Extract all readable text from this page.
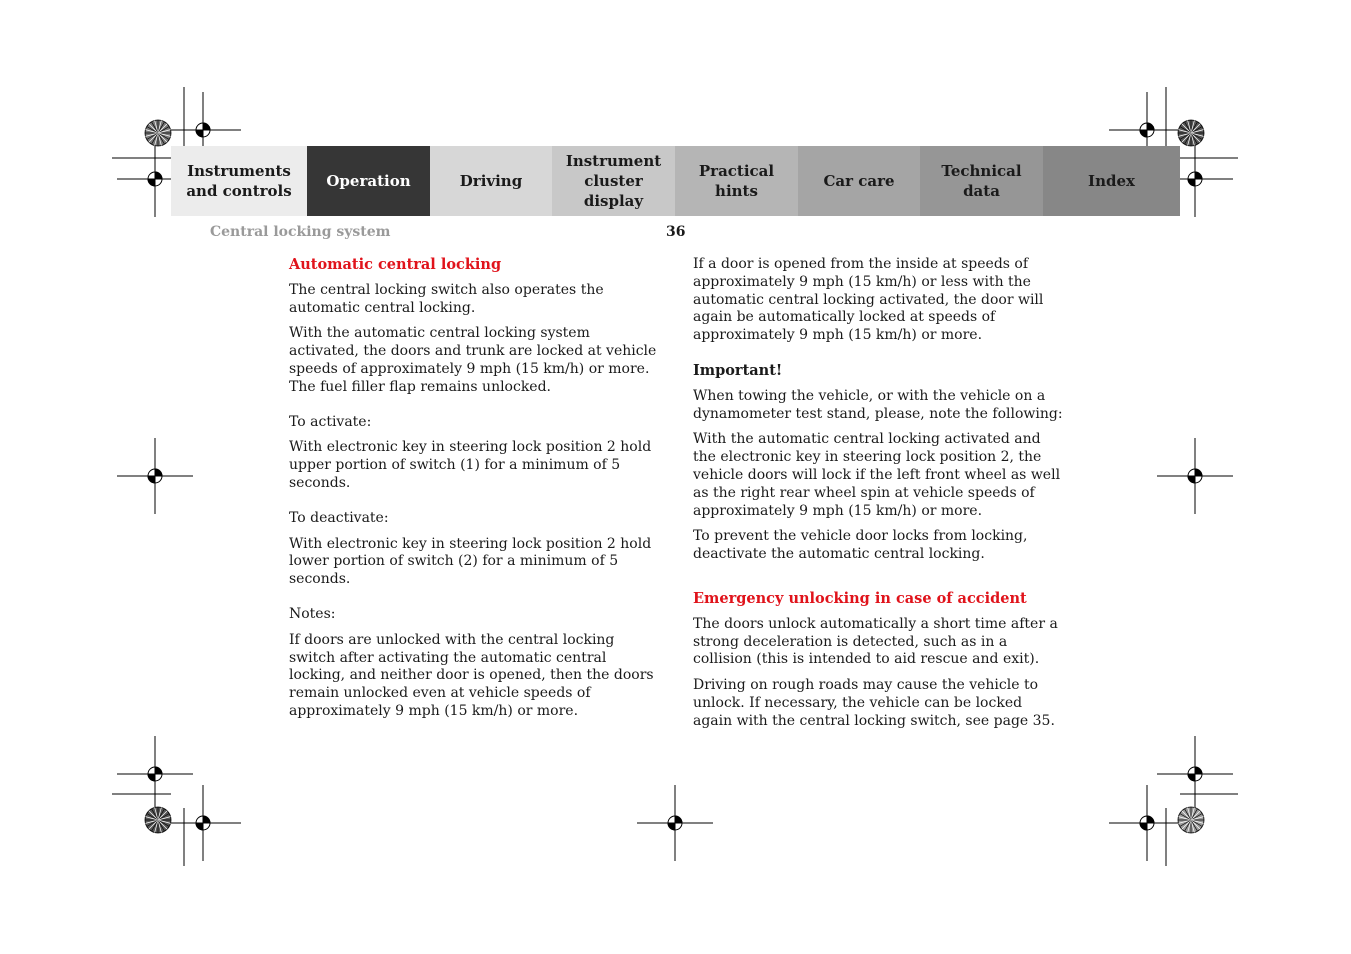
Instruments
and controls
Operation	Driving
Instrument
cluster display
Practical hints
Car care
Technical
data
Index
Central locking system	36
Automatic central locking

The central locking switch also operates the automatic central locking.

With the automatic central locking system activated, the doors and trunk are locked at vehicle speeds of approximately 9 mph (15 km/h) or more. The fuel filler flap remains unlocked.

To activate:

With electronic key in steering lock position 2 hold upper portion of switch (1) for a minimum of 5 seconds.

To deactivate:

With electronic key in steering lock position 2 hold lower portion of switch (2) for a minimum of 5 seconds.

Notes:

If doors are unlocked with the central locking switch after activating the automatic central locking, and neither door is opened, then the doors remain unlocked even at vehicle speeds of approximately 9 mph (15 km/h) or more.

If a door is opened from the inside at speeds of approximately 9 mph (15 km/h) or less with the automatic central locking activated, the door will again be automatically locked at speeds of approximately 9 mph (15 km/h) or more.

Important!

When towing the vehicle, or with the vehicle on a dynamometer test stand, please, note the following:

With the automatic central locking activated and the electronic key in steering lock position 2, the vehicle doors will lock if the left front wheel as well as the right rear wheel spin at vehicle speeds of approximately 9 mph (15 km/h) or more.

To prevent the vehicle door locks from locking, deactivate the automatic central locking.

Emergency unlocking in case of accident

The doors unlock automatically a short time after a strong deceleration is detected, such as in a collision (this is intended to aid rescue and exit).

Driving on rough roads may cause the vehicle to unlock. If necessary, the vehicle can be locked again with the central locking switch, see page 35.
